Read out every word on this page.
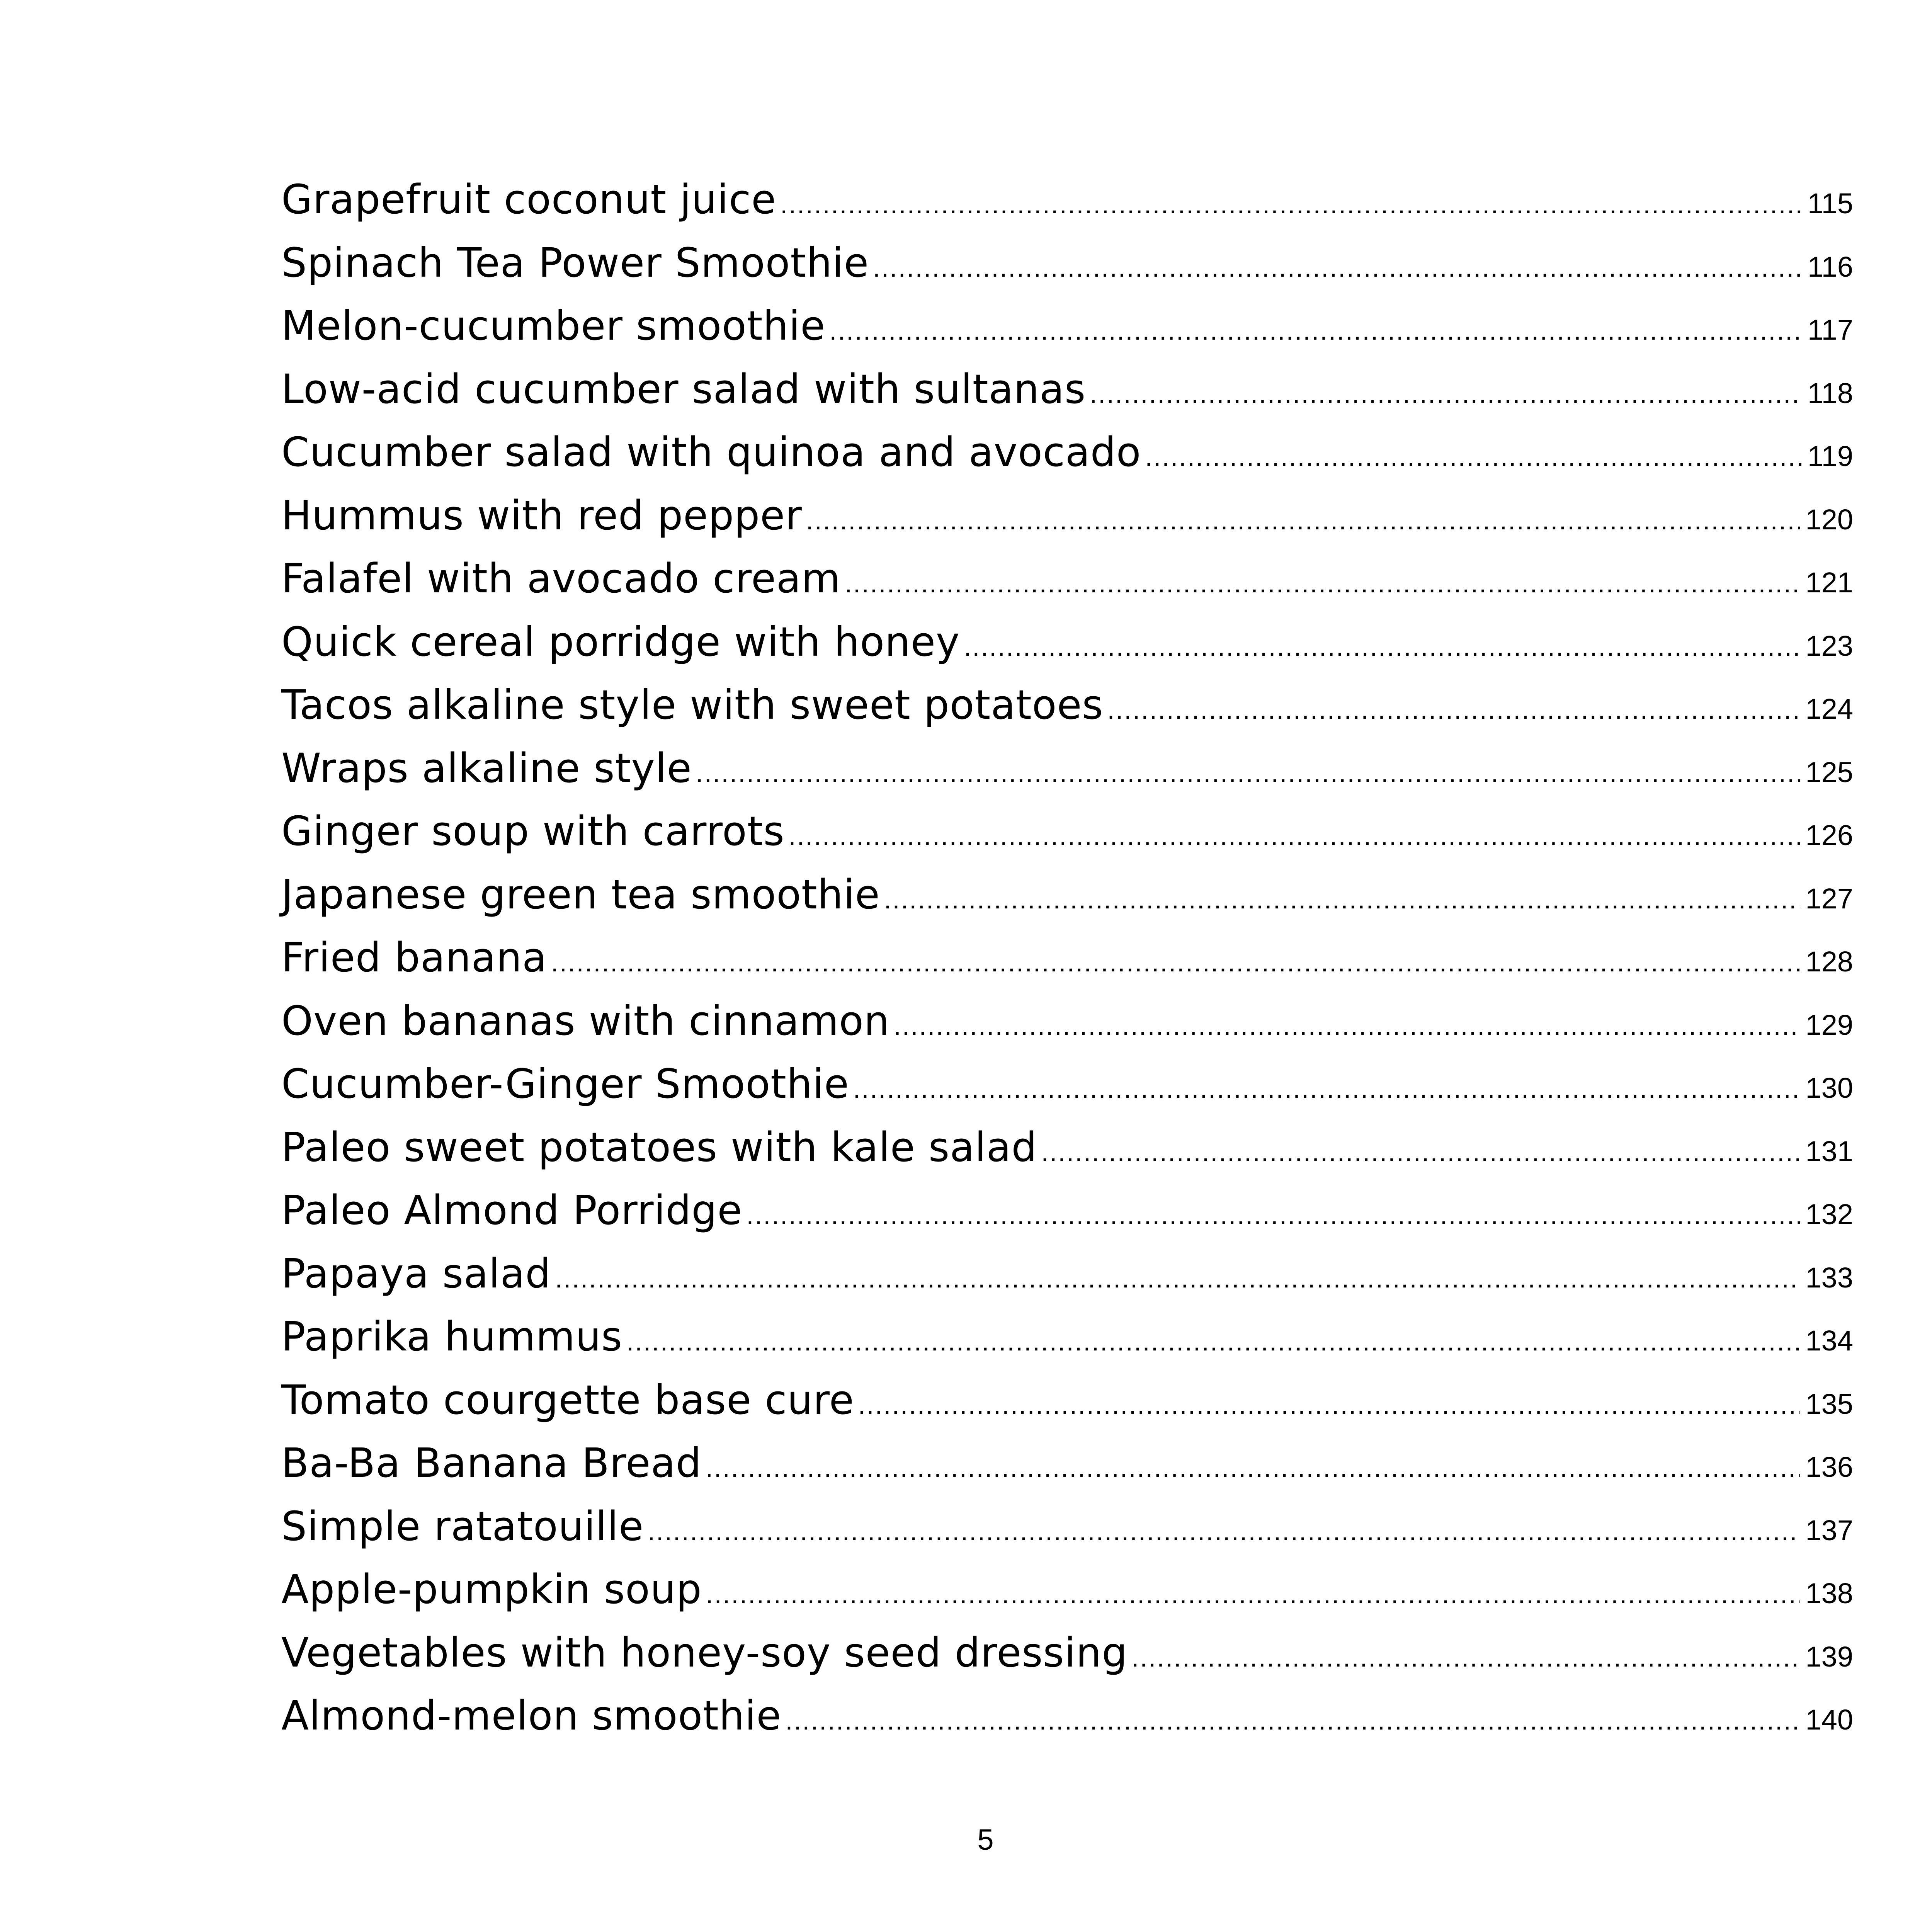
Grapefruit coconut juice .....	115
Spinach Tea Power Smoothie .....	116
Melon-cucumber smoothie .....	117
Low-acid cucumber salad with sultanas .....	118
Cucumber salad with quinoa and avocado .....	119
Hummus with red pepper .....	120
Falafel with avocado cream .....	121
Quick cereal porridge with honey .....	123
Tacos alkaline style with sweet potatoes .....	124
Wraps alkaline style .....	125
Ginger soup with carrots .....	126
Japanese green tea smoothie .....	127
Fried banana .....	128
Oven bananas with cinnamon .....	129
Cucumber-Ginger Smoothie .....	130
Paleo sweet potatoes with kale salad .....	131
Paleo Almond Porridge .....	132
Papaya salad .....	133
Paprika hummus .....	134
Tomato courgette base cure .....	135
Ba-Ba Banana Bread .....	136
Simple ratatouille .....	137
Apple-pumpkin soup .....	138
Vegetables with honey-soy seed dressing .....	139
Almond-melon smoothie .....	140
5
